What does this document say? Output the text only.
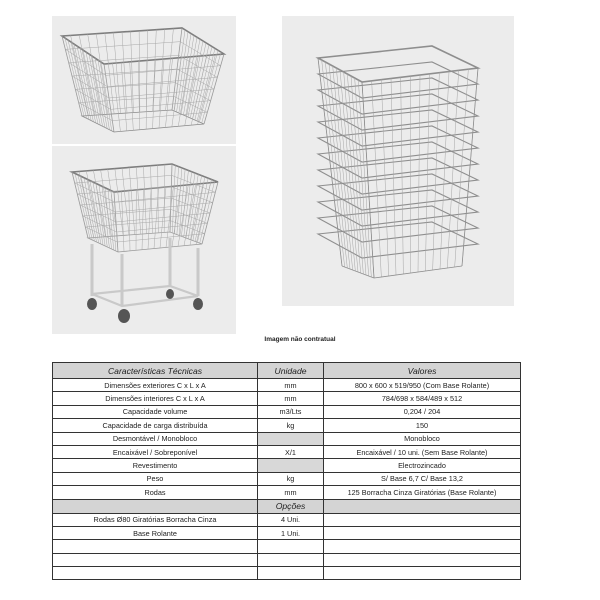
Imagem não contratual
Características Técnicas	Unidade	Valores
Dimensões exteriores C x L x A	mm	800 x 600 x 519/950 (Com Base Rolante)
Dimensões interiores C x L x A	mm	784/698 x 584/489 x 512
Capacidade volume	m3/Lts	0,204 / 204
Capacidade de carga distribuída	kg	150
Desmontável / Monobloco		Monobloco
Encaixável / Sobreponível	X/1	Encaixável / 10 uni. (Sem Base Rolante)
Revestimento		Electrozincado
Peso	kg	S/ Base 6,7 C/ Base 13,2
Rodas	mm	125 Borracha Cinza Giratórias (Base Rolante)
	Opções	
Rodas Ø80 Giratórias Borracha Cinza	4 Uni.	
Base Rolante	1 Uni.	
